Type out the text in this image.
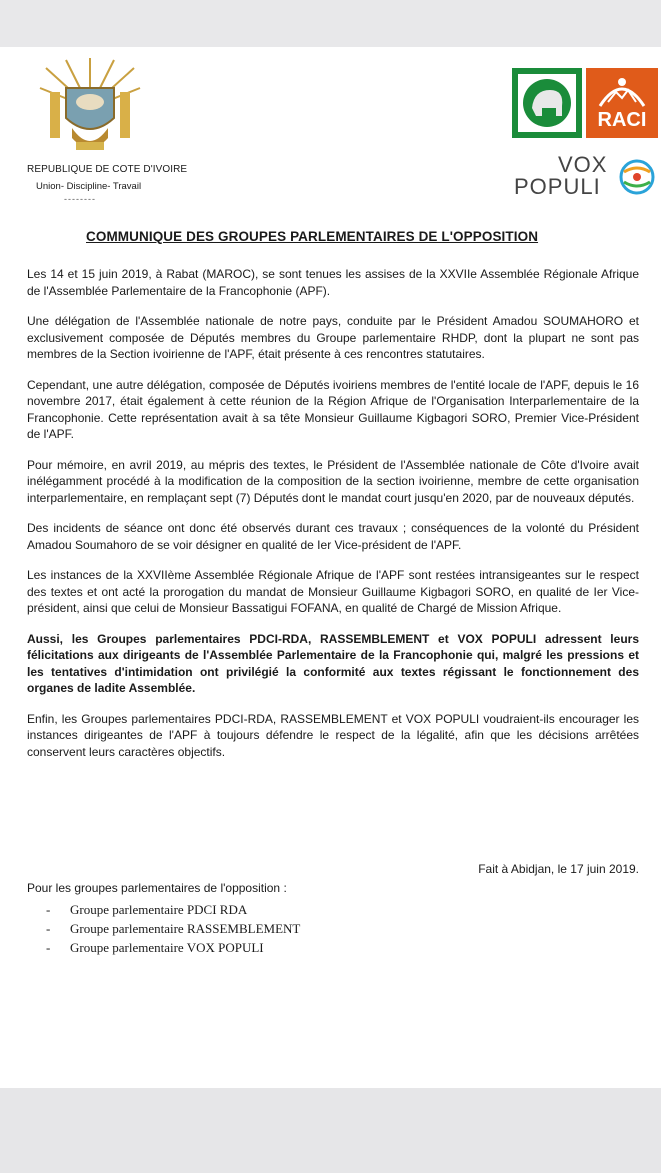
REPUBLIQUE DE COTE D'IVOIRE
Union- Discipline- Travail
--------
RACI
VOX
POPULI
COMMUNIQUE DES GROUPES PARLEMENTAIRES DE L'OPPOSITION

Les 14 et 15 juin 2019, à Rabat (MAROC), se sont tenues les assises de la XXVIIe Assemblée Régionale Afrique de l'Assemblée Parlementaire de la Francophonie (APF).

Une délégation de l'Assemblée nationale de notre pays, conduite par le Président Amadou SOUMAHORO et exclusivement composée de Députés membres du Groupe parlementaire RHDP, dont la plupart ne sont pas membres de la Section ivoirienne de l'APF, était présente à ces rencontres statutaires.

Cependant, une autre délégation, composée de Députés ivoiriens membres de l'entité locale de l'APF, depuis le 16 novembre 2017, était également à cette réunion de la Région Afrique de l'Organisation Interparlementaire de la Francophonie. Cette représentation avait à sa tête Monsieur Guillaume Kigbagori SORO, Premier Vice-Président de l'APF.

Pour mémoire, en avril 2019, au mépris des textes, le Président de l'Assemblée nationale de Côte d'Ivoire avait inélégamment procédé à la modification de la composition de la section ivoirienne, membre de cette organisation interparlementaire, en remplaçant sept (7) Députés dont le mandat court jusqu'en 2020, par de nouveaux députés.

Des incidents de séance ont donc été observés durant ces travaux ; conséquences de la volonté du Président Amadou Soumahoro de se voir désigner en qualité de Ier Vice-président de l'APF.

Les instances de la XXVIIème Assemblée Régionale Afrique de l'APF sont restées intransigeantes sur le respect des textes et ont acté la prorogation du mandat de Monsieur Guillaume Kigbagori SORO, en qualité de Ier Vice-président, ainsi que celui de Monsieur Bassatigui FOFANA, en qualité de Chargé de Mission Afrique.

Aussi, les Groupes parlementaires PDCI-RDA, RASSEMBLEMENT et VOX POPULI adressent leurs félicitations aux dirigeants de l'Assemblée Parlementaire de la Francophonie qui, malgré les pressions et les tentatives d'intimidation ont privilégié la conformité aux textes régissant le fonctionnement des organes de ladite Assemblée.

Enfin, les Groupes parlementaires PDCI-RDA, RASSEMBLEMENT et VOX POPULI voudraient-ils encourager les instances dirigeantes de l'APF à toujours défendre le respect de la légalité, afin que les décisions arrêtées conservent leurs caractères objectifs.

Fait à Abidjan, le 17 juin 2019.
Pour les groupes parlementaires de l'opposition :
- Groupe parlementaire PDCI RDA
- Groupe parlementaire RASSEMBLEMENT
- Groupe parlementaire VOX POPULI
